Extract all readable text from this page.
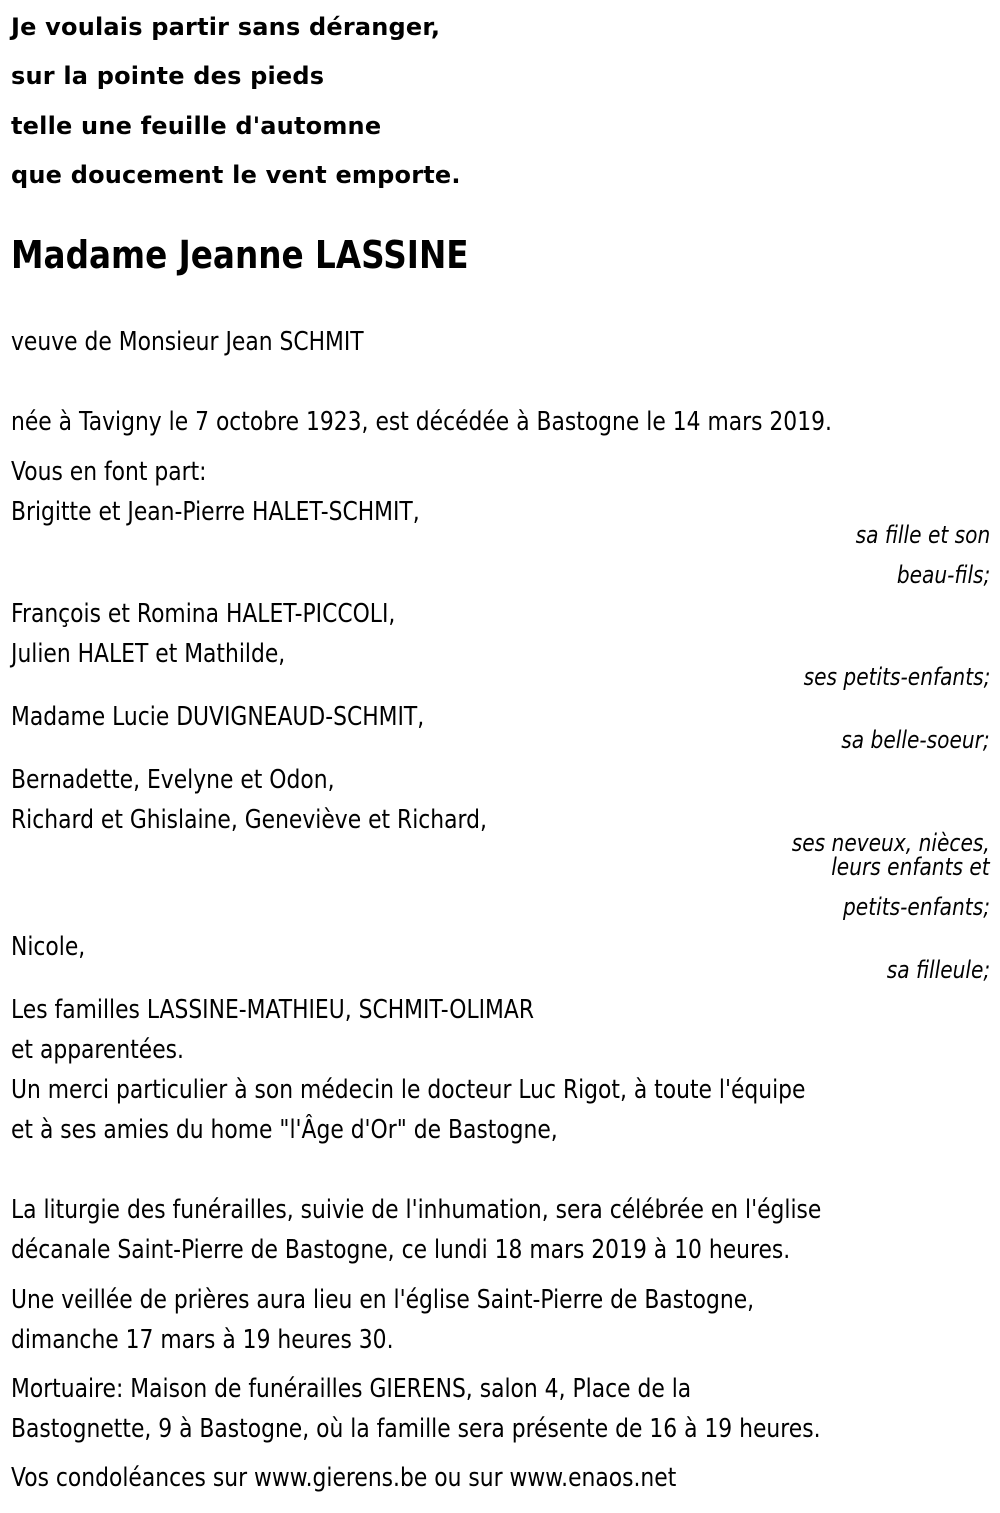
Je voulais partir sans déranger,
sur la pointe des pieds
telle une feuille d'automne
que doucement le vent emporte.
Madame Jeanne LASSINE
veuve de Monsieur Jean SCHMIT
née à Tavigny le 7 octobre 1923, est décédée à Bastogne le 14 mars 2019.
Vous en font part:
Brigitte et Jean-Pierre HALET-SCHMIT,
sa fille et son
beau-fils;
François et Romina HALET-PICCOLI,
Julien HALET et Mathilde,
ses petits-enfants;
Madame Lucie DUVIGNEAUD-SCHMIT,
sa belle-soeur;
Bernadette, Evelyne et Odon,
Richard et Ghislaine, Geneviève et Richard,
ses neveux, nièces,
leurs enfants et
petits-enfants;
Nicole,
sa filleule;
Les familles LASSINE-MATHIEU, SCHMIT-OLIMAR
et apparentées.
Un merci particulier à son médecin le docteur Luc Rigot, à toute l'équipe
et à ses amies du home "l'Âge d'Or" de Bastogne,
La liturgie des funérailles, suivie de l'inhumation, sera célébrée en l'église
décanale Saint-Pierre de Bastogne, ce lundi 18 mars 2019 à 10 heures.
Une veillée de prières aura lieu en l'église Saint-Pierre de Bastogne,
dimanche 17 mars à 19 heures 30.
Mortuaire: Maison de funérailles GIERENS, salon 4, Place de la
Bastognette, 9 à Bastogne, où la famille sera présente de 16 à 19 heures.
Vos condoléances sur www.gierens.be ou sur www.enaos.net
